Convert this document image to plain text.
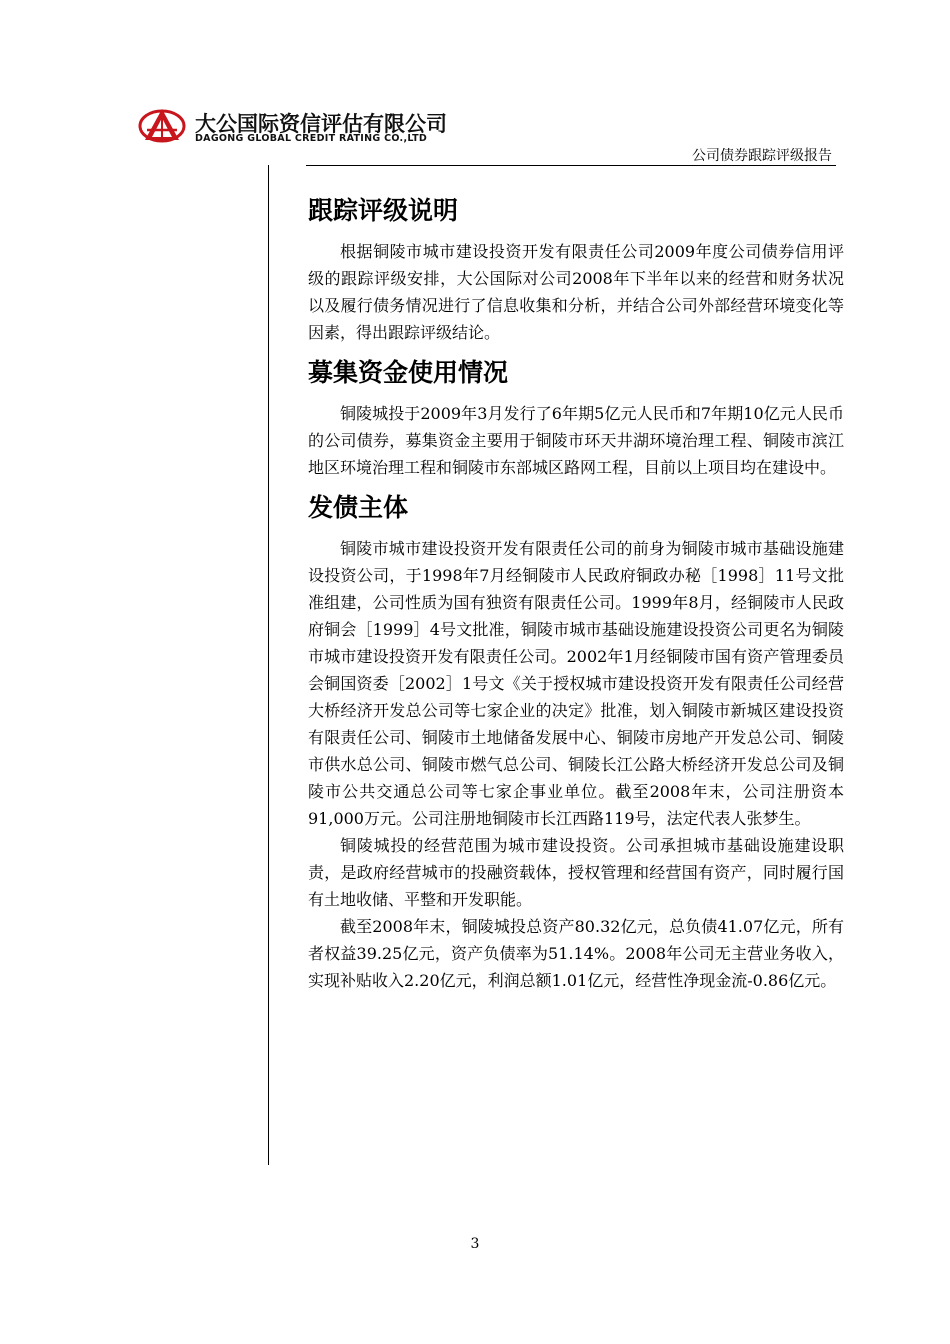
大公国际资信评估有限公司
DAGONG GLOBAL CREDIT RATING CO.,LTD
公司债券跟踪评级报告
跟踪评级说明

根据铜陵市城市建设投资开发有限责任公司2009年度公司债券信用评级的跟踪评级安排，大公国际对公司2008年下半年以来的经营和财务状况以及履行债务情况进行了信息收集和分析，并结合公司外部经营环境变化等因素，得出跟踪评级结论。

募集资金使用情况

铜陵城投于2009年3月发行了6年期5亿元人民币和7年期10亿元人民币的公司债券，募集资金主要用于铜陵市环天井湖环境治理工程、铜陵市滨江地区环境治理工程和铜陵市东部城区路网工程，目前以上项目均在建设中。

发债主体

铜陵市城市建设投资开发有限责任公司的前身为铜陵市城市基础设施建设投资公司，于1998年7月经铜陵市人民政府铜政办秘［1998］11号文批准组建，公司性质为国有独资有限责任公司。1999年8月，经铜陵市人民政府铜会［1999］4号文批准，铜陵市城市基础设施建设投资公司更名为铜陵市城市建设投资开发有限责任公司。2002年1月经铜陵市国有资产管理委员会铜国资委［2002］1号文《关于授权城市建设投资开发有限责任公司经营大桥经济开发总公司等七家企业的决定》批准，划入铜陵市新城区建设投资有限责任公司、铜陵市土地储备发展中心、铜陵市房地产开发总公司、铜陵市供水总公司、铜陵市燃气总公司、铜陵长江公路大桥经济开发总公司及铜陵市公共交通总公司等七家企事业单位。截至2008年末，公司注册资本91,000万元。公司注册地铜陵市长江西路119号，法定代表人张梦生。

铜陵城投的经营范围为城市建设投资。公司承担城市基础设施建设职责，是政府经营城市的投融资载体，授权管理和经营国有资产，同时履行国有土地收储、平整和开发职能。

截至2008年末，铜陵城投总资产80.32亿元，总负债41.07亿元，所有者权益39.25亿元，资产负债率为51.14%。2008年公司无主营业务收入，实现补贴收入2.20亿元，利润总额1.01亿元，经营性净现金流-0.86亿元。

3
